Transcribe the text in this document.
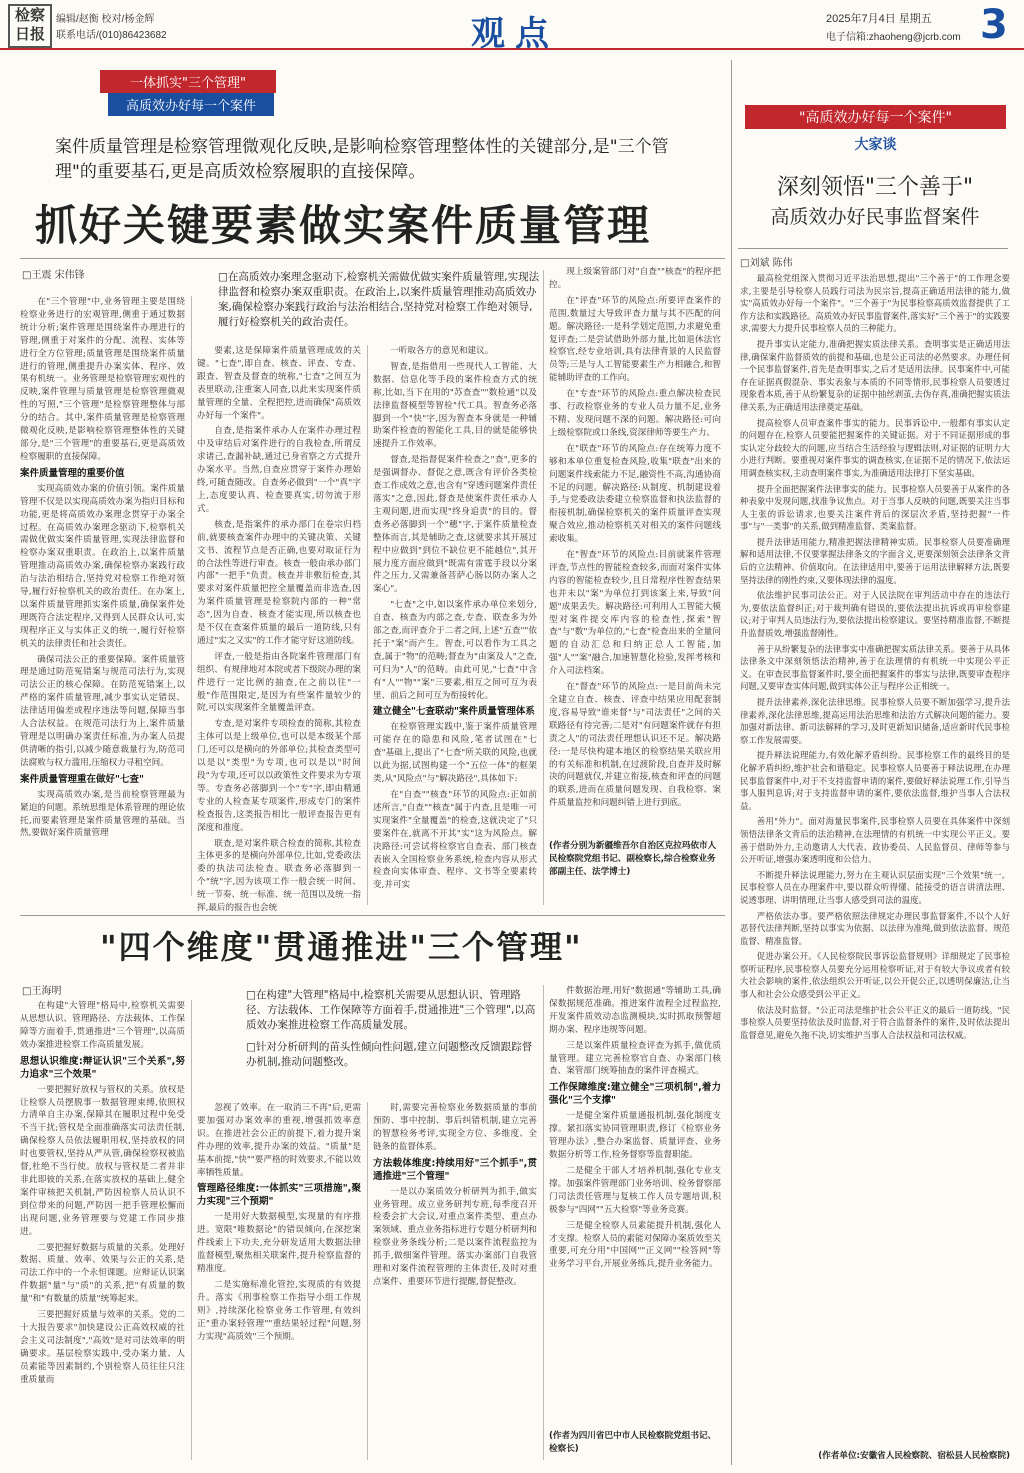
检察日报
编辑/赵衡 校对/杨金辉
联系电话/(010)86423682	观点	2025年7月4日 星期五
电子信箱:zhaoheng@jcrb.com 3
一体抓实"三个管理"
高质效办好每一个案件
案件质量管理是检察管理微观化反映,是影响检察管理整体性的关键部分,是"三个管理"的重要基石,更是高质效检察履职的直接保障。
抓好关键要素做实案件质量管理
□王震 宋伟锋	□在高质效办案理念驱动下,检察机关需做优做实案件质量管理,实现法律监督和检察办案双重职责。在政治上,以案件质量管理推动高质效办案,确保检察办案践行政治与法治相结合,坚持党对检察工作绝对领导,履行好检察机关的政治责任。

在"三个管理"中,业务管理主要是围绕检察业务进行的宏观管理,侧重于通过数据统计分析;案件管理是围绕案件办理进行的管理,侧重于对案件的分配、流程、实体等进行全方位管理;质量管理是围绕案件质量进行的管理,侧重提升办案实体、程序、效果有机统一。业务管理是检察管理宏观性的反映,案件管理与质量管理是检察管理微观性的写照,"三个管理"是检察管理整体与部分的结合。其中,案件质量管理是检察管理微观化反映,是影响检察管理整体性的关键部分,是"三个管理"的重要基石,更是高质效检察履职的直接保障。

案件质量管理的重要价值

实现高质效办案的价值引领。案件质量管理不仅是以实现高质效办案为指归目标和功能,更是将高质效办案理念贯穿于办案全过程。在高质效办案理念驱动下,检察机关需做优做实案件质量管理,实现法律监督和检察办案双重职责。在政治上,以案件质量管理推动高质效办案,确保检察办案践行政治与法治相结合,坚持党对检察工作绝对领导,履行好检察机关的政治责任。在办案上,以案件质量管理抓实案件质量,确保案件处理既符合法定程序,又得到人民群众认可,实现程序正义与实体正义的统一,履行好检察机关的法律责任和社会责任。

确保司法公正的重要保障。案件质量管理是通过防范冤错案与规范司法行为,实现司法公正的核心保障。在防范冤错案上,以严格的案件质量管理,减少事实认定错误、法律适用偏差或程序违法等问题,保障当事人合法权益。在规范司法行为上,案件质量管理是以明确办案责任标准,为办案人员提供清晰的指引,以减少随意裁量行为,防范司法腐败与权力滥用,压缩权力寻租空间。

案件质量管理重在做好"七查"

实现高质效办案,是当前检察管理最为紧迫的问题。系统思维是体系管理的理论依托,而要素管理是案件质量管理的基础。当然,要做好案件质量管理

要素,这是保障案件质量管理成效的关键。"七查",即自查、核查、评查、专查、跟查、智查及督查的统称,"七查"之间互为表里联动,注重案人同查,以此来实现案件质量管理的全量、全程把控,进而确保"高质效办好每一个案件"。

自查,是指案件承办人在案件办理过程中及审结后对案件进行的自我检查,所谓反求诸己,查漏补缺,通过已身省察之方式提升办案水平。当然,自查应贯穿于案件办理始终,可随查随改。自查务必做到"一个"真"字上,态度要认真、检查要真实,切勿流于形式。

核查,是指案件的承办部门在卷宗归档前,就要核查案件办理中的关键决策、关键文书、流程节点是否正确,也要对取证行为的合法性等进行审查。核查一般由承办部门内部"一把手"负责。核查并非敷衍检查,其要求对案件质量把控全量覆盖而非选查,因为案件质量管理是检察院内部的一种"常态",因为自查、核查才能实现,所以核查也是不仅在查案件质量的最后一道防线,只有通过"实之又实"的工作才能守好这道防线。

评查,一般是指由各院案件管理部门有组织、有规律地对本院或者下级院办理的案件进行一定比例的抽查,在之前以往"一般"作范围限定,是因为有些案件量较少的院,可以实现案件全量覆盖评查。

专查,是对案件专项检查的简称,其检查主体可以是上级单位,也可以是本级某个部门,还可以是横向的外部单位;其检查类型可以是以"类型"为专项,也可以是以"时间段"为专项,还可以以政策性文件要求为专项等。专查务必落脚到一个"专"字,即由精通专业的人检查某专项案件,形成专门的案件检查报告,这类报告相比一般评查报告更有深度和准度。

联查,是对案件联合检查的简称,其检查主体更多的是横向外部单位,比如,党委政法委的执法司法检查。联查务必落脚到一个"统"字,因为该项工作一般会统一时间、统一节奏、统一标准、统一范围以及统一指挥,最后的报告也会统

一听取各方的意见和建议。

智查,是指借用一些现代人工智能、大数据、信息化等手段的案件检查方式的统称,比如,当下在用的"苏查查""数检通"以及法律监督模型等智检"代工具。智查务必落脚到一个"快"字,因为智查本身就是一种辅助案件检查的智能化工具,目的就是能够快速提升工作效率。

督查,是指督促案件检查之"查",更多的是强调督办、督促之意,既含有评价各类检查工作成效之意,也含有"穿透问题案件责任落实"之意,因此,督查是使案件责任承办人主观问题,进而实现"终身追责"的目的。督查务必落脚到一个"穗"字,于案件质量检查整体而言,其是辅助之查,这就要求其开展过程中应做到"到位不缺位更不能越位",其开展力度方面应做到"既需有雷霆手段以分案件之压力,又需兼备菩萨心肠以防办案人之案心"。

"七查"之中,如以案件承办单位来划分,自查、核查为内部之查,专查、联查多为外部之查,而评查介于二者之间,上述"五查""依托于"案"而产生。智查,可以看作为工具之查,属于"物"的范畴;督查为"由案及人"之查,可归为"人"的范畴。由此可见,"七查"中含有"人""物""案"三要素,相互之间可互为表里、前后之间可互为衔接转化。

建立健全"七查联动"案件质量管理体系

在检察管理实践中,鉴于案件质量管理可能存在的隐患和风险,笔者试图在"七查"基础上,提出了"七查"所关联的风险,也就以此为据,试图构建一个"五位一体"的框架类,从"风险点"与"解决路径",具体如下:

在"自查""核查"环节的风险点:正如前述所言,"自查""核查"属于内查,且是唯一可实现案件"全量覆盖"的检查,这就决定了"只要案件在,就离不开其"实"这为风险点。解决路径:可尝试将检察官自查表、部门核查表嵌入全国检察业务系统,检查内容从形式检查向实体审查、程序、文书等全要素转变,并可实

现上级案管部门对"自查""核查"的程序把控。

在"评查"环节的风险点:所要评查案件的范围,数量过大导致评查力量与其不匹配的问题。解决路径:一是科学划定范围,力求避免重复评查;二是尝试借助外部力量,比如退休法官检察官,经专业培训,具有法律背景的人民监督员等;三是与人工智能要素生产力相融合,和智能辅助评查的工作向。

在"专查"环节的风险点:重点解决检查民事、行政检察业务的专业人员力量不足,业务不精、发现问题不深的问题。解决路径:可向上级检察院或口条线,资深律师等要生产力。

在"联查"环节的风险点:存在统筹力度不够和本单位重复检查风险,收集"联查"出来的问题案件线索能力不足,融资性不高,沟通协商不足的问题。解决路径:从制度、机制建设着手,与党委政法委建立检察监督和执法监督的衔接机制,确保检察机关的案件质量评查实现聚合效应,推动检察机关对相关的案件问题线索收集。

在"智查"环节的风险点:目前就案件管理评查,节点性的智能检查较多,而面对案件实体内容的智能检查较少,且日常程序性智查结果也并未以"案"为单位打到该案上来,导致"问题"成果丢失。解决路径:可利用人工智能大模型对案件提交库内容的检查性,探索"智查"与"数"为单位的,"七查"检查出来的全量问题的自动汇总和归纳正总人工智能,加强"人""案"融合,加速智慧化检验,发挥考核和介入司法档案。

在"督查"环节的风险点:一是目前尚未完全建立自查、核查、评查中结果应用配套制度,容易导致"谁来督"与"司法责任"之间的关联路径有待完善;二是对"有问题案件就存有担责之人"的司法责任理想认识还不足。解决路径:一是尽快构建本地区的检察结果关联应用的有关标准和机制,在过渡阶段,自查并及时解决的问题就仅,并建立衔接,核查和评查的问题的联系,进而在质量问题发现、自我检察、案件质量监控和问题纠错上进行到底。

(作者分别为新疆维吾尔自治区克拉玛依市人民检察院党组书记、副检察长,综合检察业务部副主任、法学博士)
"四个维度"贯通推进"三个管理"
□王海明	□在构建"大管理"格局中,检察机关需要从思想认识、管理路径、方法载体、工作保障等方面着手,贯通推进"三个管理",以高质效办案推进检察工作高质量发展。
□针对分析研判的苗头性倾向性问题,建立问题整改反馈跟踪督办机制,推动问题整改。

在构建"大管理"格局中,检察机关需要从思想认识、管理路径、方法载体、工作保障等方面着手,贯通推进"三个管理",以高质效办案推进检察工作高质量发展。

思想认识维度:辩证认识"三个关系",努力追求"三个效果"

一要把握好放权与管权的关系。放权是让检察人员摆脱事一数据管理束缚,依照权力清单自主办案,保障其在履职过程中免受不当干扰;管权是全面准确落实司法责任制,确保检察人员依法履职用权,坚持放权的同时也要管权,坚持从严从管,确保检察权被监督,杜绝不当行使。放权与管权是二者并非非此即彼的关系,在落实放权的基础上,健全案件审核把关机制,严防因检察人员认识不到位带来的问题,严防因一把手管理松懈而出现问题,业务管理要与党建工作同步推进。

二要把握好数据与质量的关系。处理好数据、质量、效率、效果与公正的关系,是司法工作中的一个永恒课题。应辩证认识案件数据"量"与"质"的关系,把"有质量的数量"和"有数量的质量"统筹起来。

三要把握好质量与效率的关系。党的二十大报告要求"加快建设公正高效权威的社会主义司法制度","高效"是对司法效率的明确要求。基层检察实践中,受办案力量、人员素能等因素制约,个别检察人员往往只注重质量而

忽视了效率。在一取消三不再"后,更需要加强对办案效率的重视,增强抓效率意识。在推进社会公正的前提下,着力提升案件办理的效率,提升办案的效益。"质量"是基本前提,"快""要严格的时效要求,不能以效率牺牲质量。

管理路径维度:一体抓实"三项措施",聚力实现"三个预期"

一是用好大数据模型,实现量的有序推进。宽限"唯数据论"的错误倾向,在深挖案件线索上下功夫,充分研发适用大数据法律监督模型,聚焦相关联案件,提升检察监督的精准度。

二是实施标准化管控,实现质的有效提升。落实《刑事检察工作指导小组工作规则》,持续深化检察业务工作管理,有效纠正"重办案轻管理""重结果轻过程"问题,努力实现"高质效"三个预期。

时,需要完善检察业务数据质量的事前预防、事中控制、事后纠错机制,建立完善的智慧检务考评,实现全方位、多维度、全链条的监督体系。

方法载体维度:持续用好"三个抓手",贯通推进"三个管理"

一是以办案质效分析研判为抓手,做实业务管理。成立业务研判专班,每季度召开检委会扩大会议,对重点案件类型、重点办案领域、重点业务指标进行专题分析研判和检察业务条线分析;二是以案件流程监控为抓手,做细案件管理。落实办案部门自我管理和对案件流程管理的主体责任,及时对重点案件、重要环节进行提醒,督促整改。

件数据治理,用好"数据通"等辅助工具,确保数据规范准确。推进案件流程全过程监控,开发案件质效动态监测模块,实时抓取预警超期办案、程序违规等问题。

三是以案件质量检查评查为抓手,做优质量管理。建立完善检察官自查、办案部门核查、案管部门统筹抽查的案件评查模式。

工作保障维度:建立健全"三项机制",着力强化"三个支撑"

一是健全案件质量通报机制,强化制度支撑。紧扣落实协同管理职责,修订《检察业务管理办法》,整合办案监督、质量评查、业务数据分析等工作,检务督察等监督职能。

二是健全干部人才培养机制,强化专业支撑。加强案件管理部门业务培训、检务督察部门司法责任管理与复核工作人员专题培训,积极参与"四网""五大检察"等业务竞赛。

三是健全检察人员素能提升机制,强化人才支撑。检察人员的素能对保障办案质效至关重要,可充分用"中国网""正义网""检答网"等业务学习平台,开展业务练兵,提升业务能力。

(作者为四川省巴中市人民检察院党组书记、检察长)
"高质效办好每一个案件"
大家谈
深刻领悟"三个善于"
高质效办好民事监督案件
□刘斌 陈伟

最高检党组深入贯彻习近平法治思想,提出"三个善于"的工作理念要求,主要是引导检察人员践行司法为民宗旨,提高正确适用法律的能力,做实"高质效办好每一个案件"。"三个善于"为民事检察高质效监督提供了工作方法和实践路径。高质效办好民事监督案件,落实好"三个善于"的实践要求,需要大力提升民事检察人员的三种能力。

提升事实认定能力,准确把握实质法律关系。查明事实是正确适用法律,确保案件监督质效的前提和基础,也是公正司法的必然要求。办理任何一个民事监督案件,首先是查明事实,之后才是适用法律。民事案件中,可能存在证据真假混杂、事实表象与本质的不同等情形,民事检察人员要透过现象看本质,善于从纷繁复杂的证据中抽丝剥茧,去伪存真,准确把握实质法律关系,为正确适用法律奠定基础。

提高检察人员审查案件事实的能力。民事诉讼中,一般都有事实认定的问题存在,检察人员要能把握案件的关键证据。对于不同证据形成的事实认定分歧较大的问题,应当结合生活经验与逻辑法则,对证据的证明力大小进行判断。要重视对案件事实的调查核实,在证据不足的情况下,依法运用调查核实权,主动查明案件事实,为准确适用法律打下坚实基础。

提升全面把握案件法律事实的能力。民事检察人员要善于从案件的各种表象中发现问题,找准争议焦点。对于当事人反映的问题,既要关注当事人主张的诉讼请求,也要关注案件背后的深层次矛盾,坚持把握"一件事"与"一类事"的关系,做到精准监督、类案监督。

提升法律适用能力,精准把握法律精神实质。民事检察人员要准确理解和适用法律,不仅要掌握法律条文的字面含义,更要深刻领会法律条文背后的立法精神、价值取向。在法律适用中,要善于运用法律解释方法,既要坚持法律的刚性约束,又要体现法律的温度。

依法维护民事司法公正。对于人民法院在审判活动中存在的违法行为,要依法监督纠正;对于裁判确有错误的,要依法提出抗诉或再审检察建议;对于审判人员违法行为,要依法提出检察建议。要坚持精准监督,不断提升监督质效,增强监督刚性。

善于从纷繁复杂的法律事实中准确把握实质法律关系。要善于从具体法律条文中深刻领悟法治精神,善于在法理情的有机统一中实现公平正义。在审查民事监督案件时,要全面把握案件的事实与法律,既要审查程序问题,又要审查实体问题,做到实体公正与程序公正相统一。

提升法律素养,深化法律思维。民事检察人员要不断加强学习,提升法律素养,深化法律思维,提高运用法治思维和法治方式解决问题的能力。要加强对新法律、新司法解释的学习,及时更新知识储备,适应新时代民事检察工作发展需要。

提升释法说理能力,有效化解矛盾纠纷。民事检察工作的最终目的是化解矛盾纠纷,维护社会和谐稳定。民事检察人员要善于释法说理,在办理民事监督案件中,对于不支持监督申请的案件,要做好释法说理工作,引导当事人服判息诉;对于支持监督申请的案件,要依法监督,维护当事人合法权益。

善用"外力"。面对海量民事案件,民事检察人员要在具体案件中深刻领悟法律条文背后的法治精神,在法理情的有机统一中实现公平正义。要善于借助外力,主动邀请人大代表、政协委员、人民监督员、律师等参与公开听证,增强办案透明度和公信力。

不断提升释法说理能力,努力在主观认识层面实现"三个效果"统一。民事检察人员在办理案件中,要以群众听得懂、能接受的语言讲清法理、说透事理、讲明情理,让当事人感受到司法的温度。

严格依法办事。要严格依照法律规定办理民事监督案件,不以个人好恶替代法律判断,坚持以事实为依据、以法律为准绳,做到依法监督、规范监督、精准监督。

促进办案公开。《人民检察院民事诉讼监督规则》详细规定了民事检察听证程序,民事检察人员要充分运用检察听证,对于有较大争议或者有较大社会影响的案件,依法组织公开听证,以公开促公正,以透明保廉洁,让当事人和社会公众感受到公平正义。

依法及时监督。"公正司法是维护社会公平正义的最后一道防线。"民事检察人员要坚持依法及时监督,对于符合监督条件的案件,及时依法提出监督意见,避免久拖不决,切实维护当事人合法权益和司法权威。

(作者单位:安徽省人民检察院、宿松县人民检察院)
